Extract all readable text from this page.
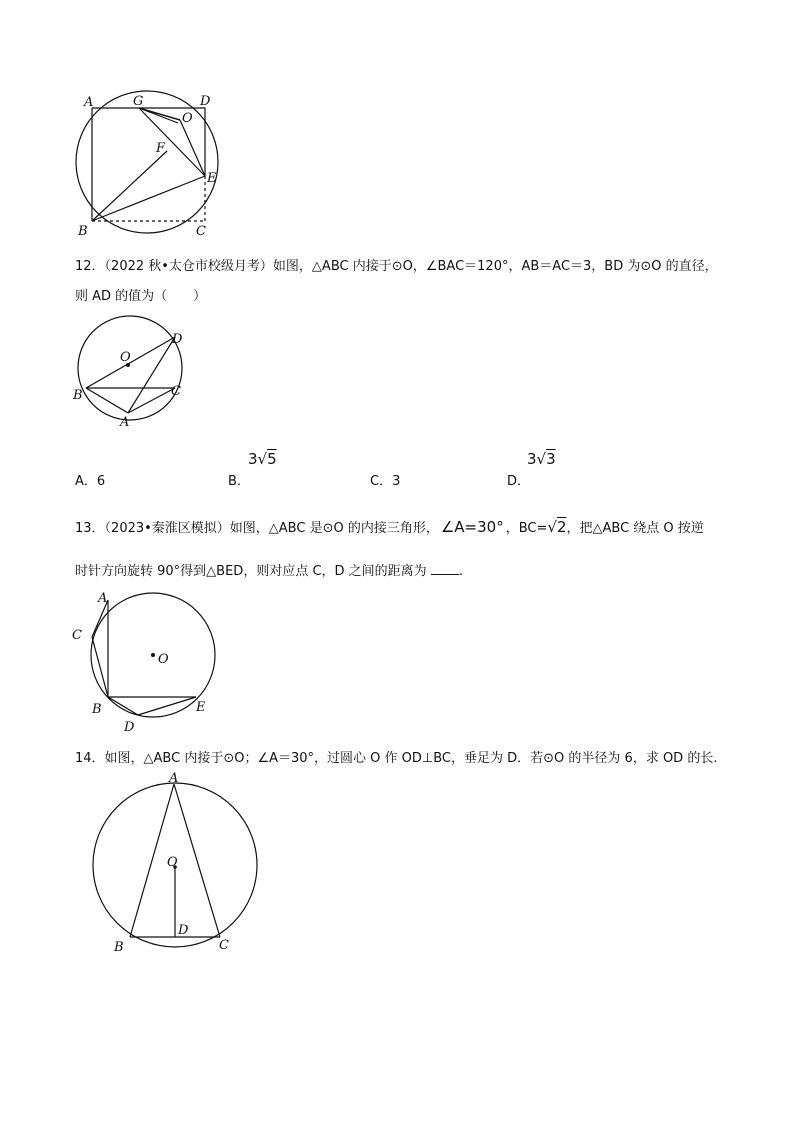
A	G	D
O
F
E
B	C
12．（2022 秋•太仓市校级月考）如图，△ABC 内接于⊙O，∠BAC＝120°，AB＝AC＝3，BD 为⊙O 的直径，
则 AD 的值为（　　）
O
D
B	C
A
A．6
3√5
B．	C．3
3√3
D．
13．（2023•秦淮区模拟）如图，△ABC 是⊙O 的内接三角形， ∠A=30° ，BC=√2，把△ABC 绕点 O 按逆
时针方向旋转 90°得到△BED，则对应点 C，D 之间的距离为 .
A
C
O
B
D
E
14．如图，△ABC 内接于⊙O；∠A＝30°，过圆心 O 作 OD⊥BC，垂足为 D．若⊙O 的半径为 6，求 OD 的长.
A
O
D
B	C
